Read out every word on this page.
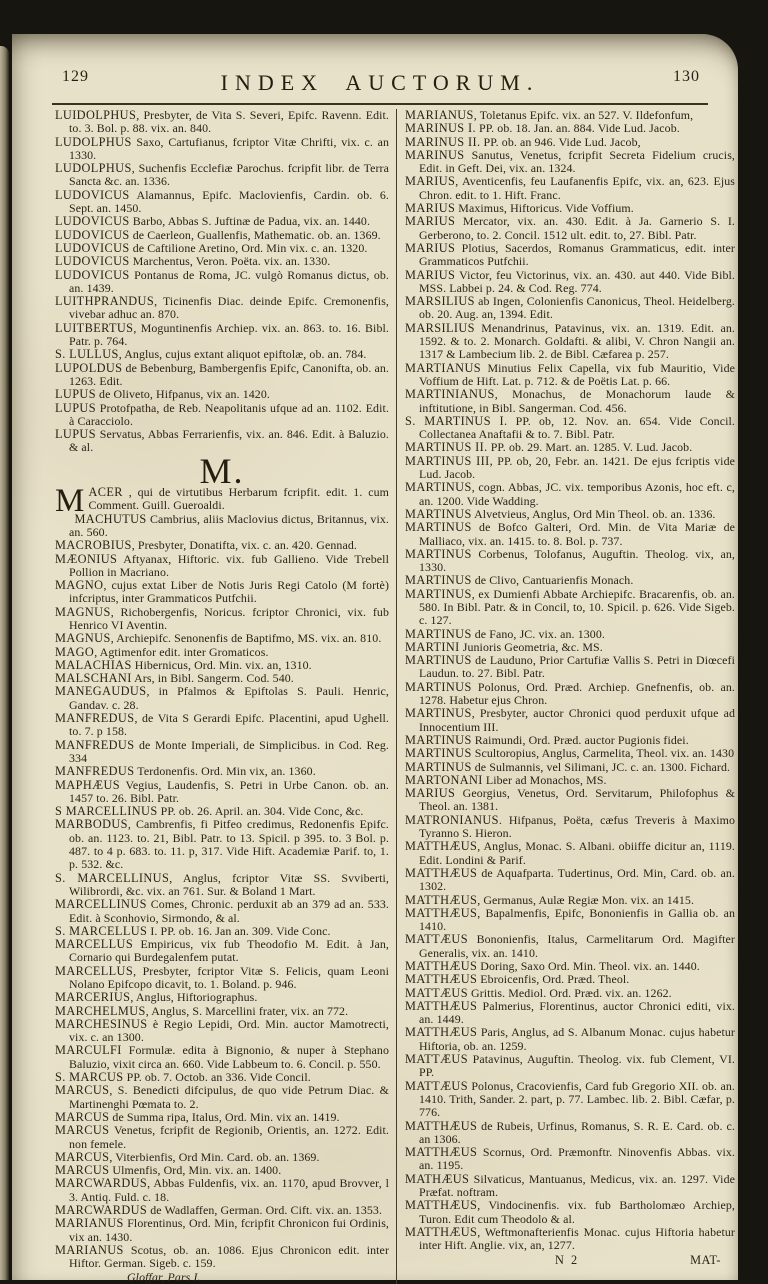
129	INDEX AUCTORUM.	130
LUIDOLPHUS, Presbyter, de Vita S. Severi, Epifc. Ravenn. Edit. to. 3. Bol. p. 88. vix. an. 840.
LUDOLPHUS Saxo, Cartufianus, fcriptor Vitæ Chrifti, vix. c. an 1330.
LUDOLPHUS, Suchenfis Ecclefiæ Parochus. fcripfit libr. de Terra Sancta &c. an. 1336.
LUDOVICUS Alamannus, Epifc. Maclovienfis, Cardin. ob. 6. Sept. an. 1450.
LUDOVICUS Barbo, Abbas S. Juftinæ de Padua, vix. an. 1440.
LUDOVICUS de Caerleon, Guallenfis, Mathematic. ob. an. 1369.
LUDOVICUS de Caftilione Aretino, Ord. Min vix. c. an. 1320.
LUDOVICUS Marchentus, Veron. Poëta. vix. an. 1330.
LUDOVICUS Pontanus de Roma, JC. vulgò Romanus dictus, ob. an. 1439.
LUITHPRANDUS, Ticinenfis Diac. deinde Epifc. Cremonenfis, vivebar adhuc an. 870.
LUITBERTUS, Moguntinenfis Archiep. vix. an. 863. to. 16. Bibl. Patr. p. 764.
S. LULLUS, Anglus, cujus extant aliquot epiftolæ, ob. an. 784.
LUPOLDUS de Bebenburg, Bambergenfis Epifc, Canonifta, ob. an. 1263. Edit.
LUPUS de Oliveto, Hifpanus, vix an. 1420.
LUPUS Protofpatha, de Reb. Neapolitanis ufque ad an. 1102. Edit. à Caracciolo.
LUPUS Servatus, Abbas Ferrarienfis, vix. an. 846. Edit. à Baluzio. & al.
M.
MACER , qui de virtutibus Herbarum fcripfit. edit. 1. cum Comment. Guill. Gueroaldi.
MACHUTUS Cambrius, aliis Maclovius dictus, Britannus, vix. an. 560.
MACROBIUS, Presbyter, Donatifta, vix. c. an. 420. Gennad.
MÆONIUS Aftyanax, Hiftoric. vix. fub Gallieno. Vide Trebell Pollion in Macriano.
MAGNO, cujus extat Liber de Notis Juris Regi Catolo (M fortè) infcriptus, inter Grammaticos Putfchii.
MAGNUS, Richobergenfis, Noricus. fcriptor Chronici, vix. fub Henrico VI Aventin.
MAGNUS, Archiepifc. Senonenfis de Baptifmo, MS. vix. an. 810.
MAGO, Agtimenfor edit. inter Gromaticos.
MALACHIAS Hibernicus, Ord. Min. vix. an, 1310.
MALSCHANI Ars, in Bibl. Sangerm. Cod. 540.
MANEGAUDUS, in Pfalmos & Epiftolas S. Pauli. Henric, Gandav. c. 28.
MANFREDUS, de Vita S Gerardi Epifc. Placentini, apud Ughell. to. 7. p 158.
MANFREDUS de Monte Imperiali, de Simplicibus. in Cod. Reg. 334
MANFREDUS Terdonenfis. Ord. Min vix, an. 1360.
MAPHÆUS Vegius, Laudenfis, S. Petri in Urbe Canon. ob. an. 1457 to. 26. Bibl. Patr.
S MARCELLINUS PP. ob. 26. April. an. 304. Vide Conc, &c.
MARBODUS, Cambrenfis, fi Pitfeo credimus, Redonenfis Epifc. ob. an. 1123. to. 21, Bibl. Patr. to 13. Spicil. p 395. to. 3 Bol. p. 487. to 4 p. 683. to. 11. p, 317. Vide Hift. Academiæ Parif. to, 1. p. 532. &c.
S. MARCELLINUS, Anglus, fcriptor Vitæ SS. Svviberti, Wilibrordi, &c. vix. an 761. Sur. & Boland 1 Mart.
MARCELLINUS Comes, Chronic. perduxit ab an 379 ad an. 533. Edit. à Sconhovio, Sirmondo, & al.
S. MARCELLUS I. PP. ob. 16. Jan an. 309. Vide Conc.
MARCELLUS Empiricus, vix fub Theodofio M. Edit. à Jan, Cornario qui Burdegalenfem putat.
MARCELLUS, Presbyter, fcriptor Vitæ S. Felicis, quam Leoni Nolano Epifcopo dicavit, to. 1. Boland. p. 946.
MARCERIUS, Anglus, Hiftoriographus.
MARCHELMUS, Anglus, S. Marcellini frater, vix. an 772.
MARCHESINUS è Regio Lepidi, Ord. Min. auctor Mamotrecti, vix. c. an 1300.
MARCULFI Formulæ. edita à Bignonio, & nuper à Stephano Baluzio, vixit circa an. 660. Vide Labbeum to. 6. Concil. p. 550.
S. MARCUS PP. ob. 7. Octob. an 336. Vide Concil.
MARCUS, S. Benedicti difcipulus, de quo vide Petrum Diac. & Martinenghi Pœmata to. 2.
MARCUS de Summa ripa, Italus, Ord. Min. vix an. 1419.
MARCUS Venetus, fcripfit de Regionib, Orientis, an. 1272. Edit. non femele.
MARCUS, Viterbienfis, Ord Min. Card. ob. an. 1369.
MARCUS Ulmenfis, Ord, Min. vix. an. 1400.
MARCWARDUS, Abbas Fuldenfis, vix. an. 1170, apud Brovver, l 3. Antiq. Fuld. c. 18.
MARCWARDUS de Wadlaffen, German. Ord. Cift. vix. an. 1353.
MARIANUS Florentinus, Ord. Min, fcripfit Chronicon fui Ordinis, vix an. 1430.
MARIANUS Scotus, ob. an. 1086. Ejus Chronicon edit. inter Hiftor. German. Sigeb. c. 159.
Gloffar, Pars I.
MARIANUS, Toletanus Epifc. vix. an 527. V. Ildefonfum,
MARINUS I. PP. ob. 18. Jan. an. 884. Vide Lud. Jacob.
MARINUS II. PP. ob. an 946. Vide Lud. Jacob,
MARINUS Sanutus, Venetus, fcripfit Secreta Fidelium crucis, Edit. in Geft. Dei, vix. an. 1324.
MARIUS, Aventicenfis, feu Laufanenfis Epifc, vix. an, 623. Ejus Chron. edit. to 1. Hift. Franc.
MARIUS Maximus, Hiftoricus. Vide Voffium.
MARIUS Mercator, vix. an. 430. Edit. à Ja. Garnerio S. I. Gerberono, to. 2. Concil. 1512 ult. edit. to, 27. Bibl. Patr.
MARIUS Plotius, Sacerdos, Romanus Grammaticus, edit. inter Grammaticos Putfchii.
MARIUS Victor, feu Victorinus, vix. an. 430. aut 440. Vide Bibl. MSS. Labbei p. 24. & Cod. Reg. 774.
MARSILIUS ab Ingen, Colonienfis Canonicus, Theol. Heidelberg. ob. 20. Aug. an, 1394. Edit.
MARSILIUS Menandrinus, Patavinus, vix. an. 1319. Edit. an. 1592. & to. 2. Monarch. Goldafti. & alibi, V. Chron Nangii an. 1317 & Lambecium lib. 2. de Bibl. Cæfarea p. 257.
MARTIANUS Minutius Felix Capella, vix fub Mauritio, Vide Voffium de Hift. Lat. p. 712. & de Poëtis Lat. p. 66.
MARTINIANUS, Monachus, de Monachorum laude & inftitutione, in Bibl. Sangerman. Cod. 456.
S. MARTINUS I. PP. ob, 12. Nov. an. 654. Vide Concil. Collectanea Anaftafii & to. 7. Bibl. Patr.
MARTINUS II. PP. ob. 29. Mart. an. 1285. V. Lud. Jacob.
MARTINUS III, PP. ob, 20, Febr. an. 1421. De ejus fcriptis vide Lud. Jacob.
MARTINUS, cogn. Abbas, JC. vix. temporibus Azonis, hoc eft. c, an. 1200. Vide Wadding.
MARTINUS Alvetvieus, Anglus, Ord Min Theol. ob. an. 1336.
MARTINUS de Bofco Galteri, Ord. Min. de Vita Mariæ de Malliaco, vix. an. 1415. to. 8. Bol. p. 737.
MARTINUS Corbenus, Tolofanus, Auguftin. Theolog. vix, an, 1330.
MARTINUS de Clivo, Cantuarienfis Monach.
MARTINUS, ex Dumienfi Abbate Archiepifc. Bracarenfis, ob. an. 580. In Bibl. Patr. & in Concil, to, 10. Spicil. p. 626. Vide Sigeb. c. 127.
MARTINUS de Fano, JC. vix. an. 1300.
MARTINI Junioris Geometria, &c. MS.
MARTINUS de Lauduno, Prior Cartufiæ Vallis S. Petri in Diœcefi Laudun. to. 27. Bibl. Patr.
MARTINUS Polonus, Ord. Præd. Archiep. Gnefnenfis, ob. an. 1278. Habetur ejus Chron.
MARTINUS, Presbyter, auctor Chronici quod perduxit ufque ad Innocentium III.
MARTINUS Raimundi, Ord. Præd. auctor Pugionis fidei.
MARTINUS Scultoropius, Anglus, Carmelita, Theol. vix. an. 1430
MARTINUS de Sulmannis, vel Silimani, JC. c. an. 1300. Fichard.
MARTONANI Liber ad Monachos, MS.
MARIUS Georgius, Venetus, Ord. Servitarum, Philofophus & Theol. an. 1381.
MATRONIANUS. Hifpanus, Poëta, cæfus Treveris à Maximo Tyranno S. Hieron.
MATTHÆUS, Anglus, Monac. S. Albani. obiiffe dicitur an, 1119. Edit. Londini & Parif.
MATTHÆUS de Aquafparta. Tudertinus, Ord. Min, Card. ob. an. 1302.
MATTHÆUS, Germanus, Aulæ Regiæ Mon. vix. an 1415.
MATTHÆUS, Bapalmenfis, Epifc, Bononienfis in Gallia ob. an 1410.
MATTÆUS Bononienfis, Italus, Carmelitarum Ord. Magifter Generalis, vix. an. 1410.
MATTHÆUS Doring, Saxo Ord. Min. Theol. vix. an. 1440.
MATTHÆUS Ebroicenfis, Ord. Præd. Theol.
MATTÆUS Grittis. Mediol. Ord. Præd. vix. an. 1262.
MATTHÆUS Palmerius, Florentinus, auctor Chronici editi, vix. an. 1449.
MATTHÆUS Paris, Anglus, ad S. Albanum Monac. cujus habetur Hiftoria, ob. an. 1259.
MATTÆUS Patavinus, Auguftin. Theolog. vix. fub Clement, VI. PP.
MATTÆUS Polonus, Cracovienfis, Card fub Gregorio XII. ob. an. 1410. Trith, Sander. 2. part, p. 77. Lambec. lib. 2. Bibl. Cæfar, p. 776.
MATTHÆUS de Rubeis, Urfinus, Romanus, S. R. E. Card. ob. c. an 1306.
MATTHÆUS Scornus, Ord. Præmonftr. Ninovenfis Abbas. vix. an. 1195.
MATHÆUS Silvaticus, Mantuanus, Medicus, vix. an. 1297. Vide Præfat. noftram.
MATTHÆUS, Vindocinenfis. vix. fub Bartholomæo Archiep, Turon. Edit cum Theodolo & al.
MATTHÆUS, Weftmonafterienfis Monac. cujus Hiftoria habetur inter Hift. Anglie. vix, an, 1277.
N 2	MAT-
